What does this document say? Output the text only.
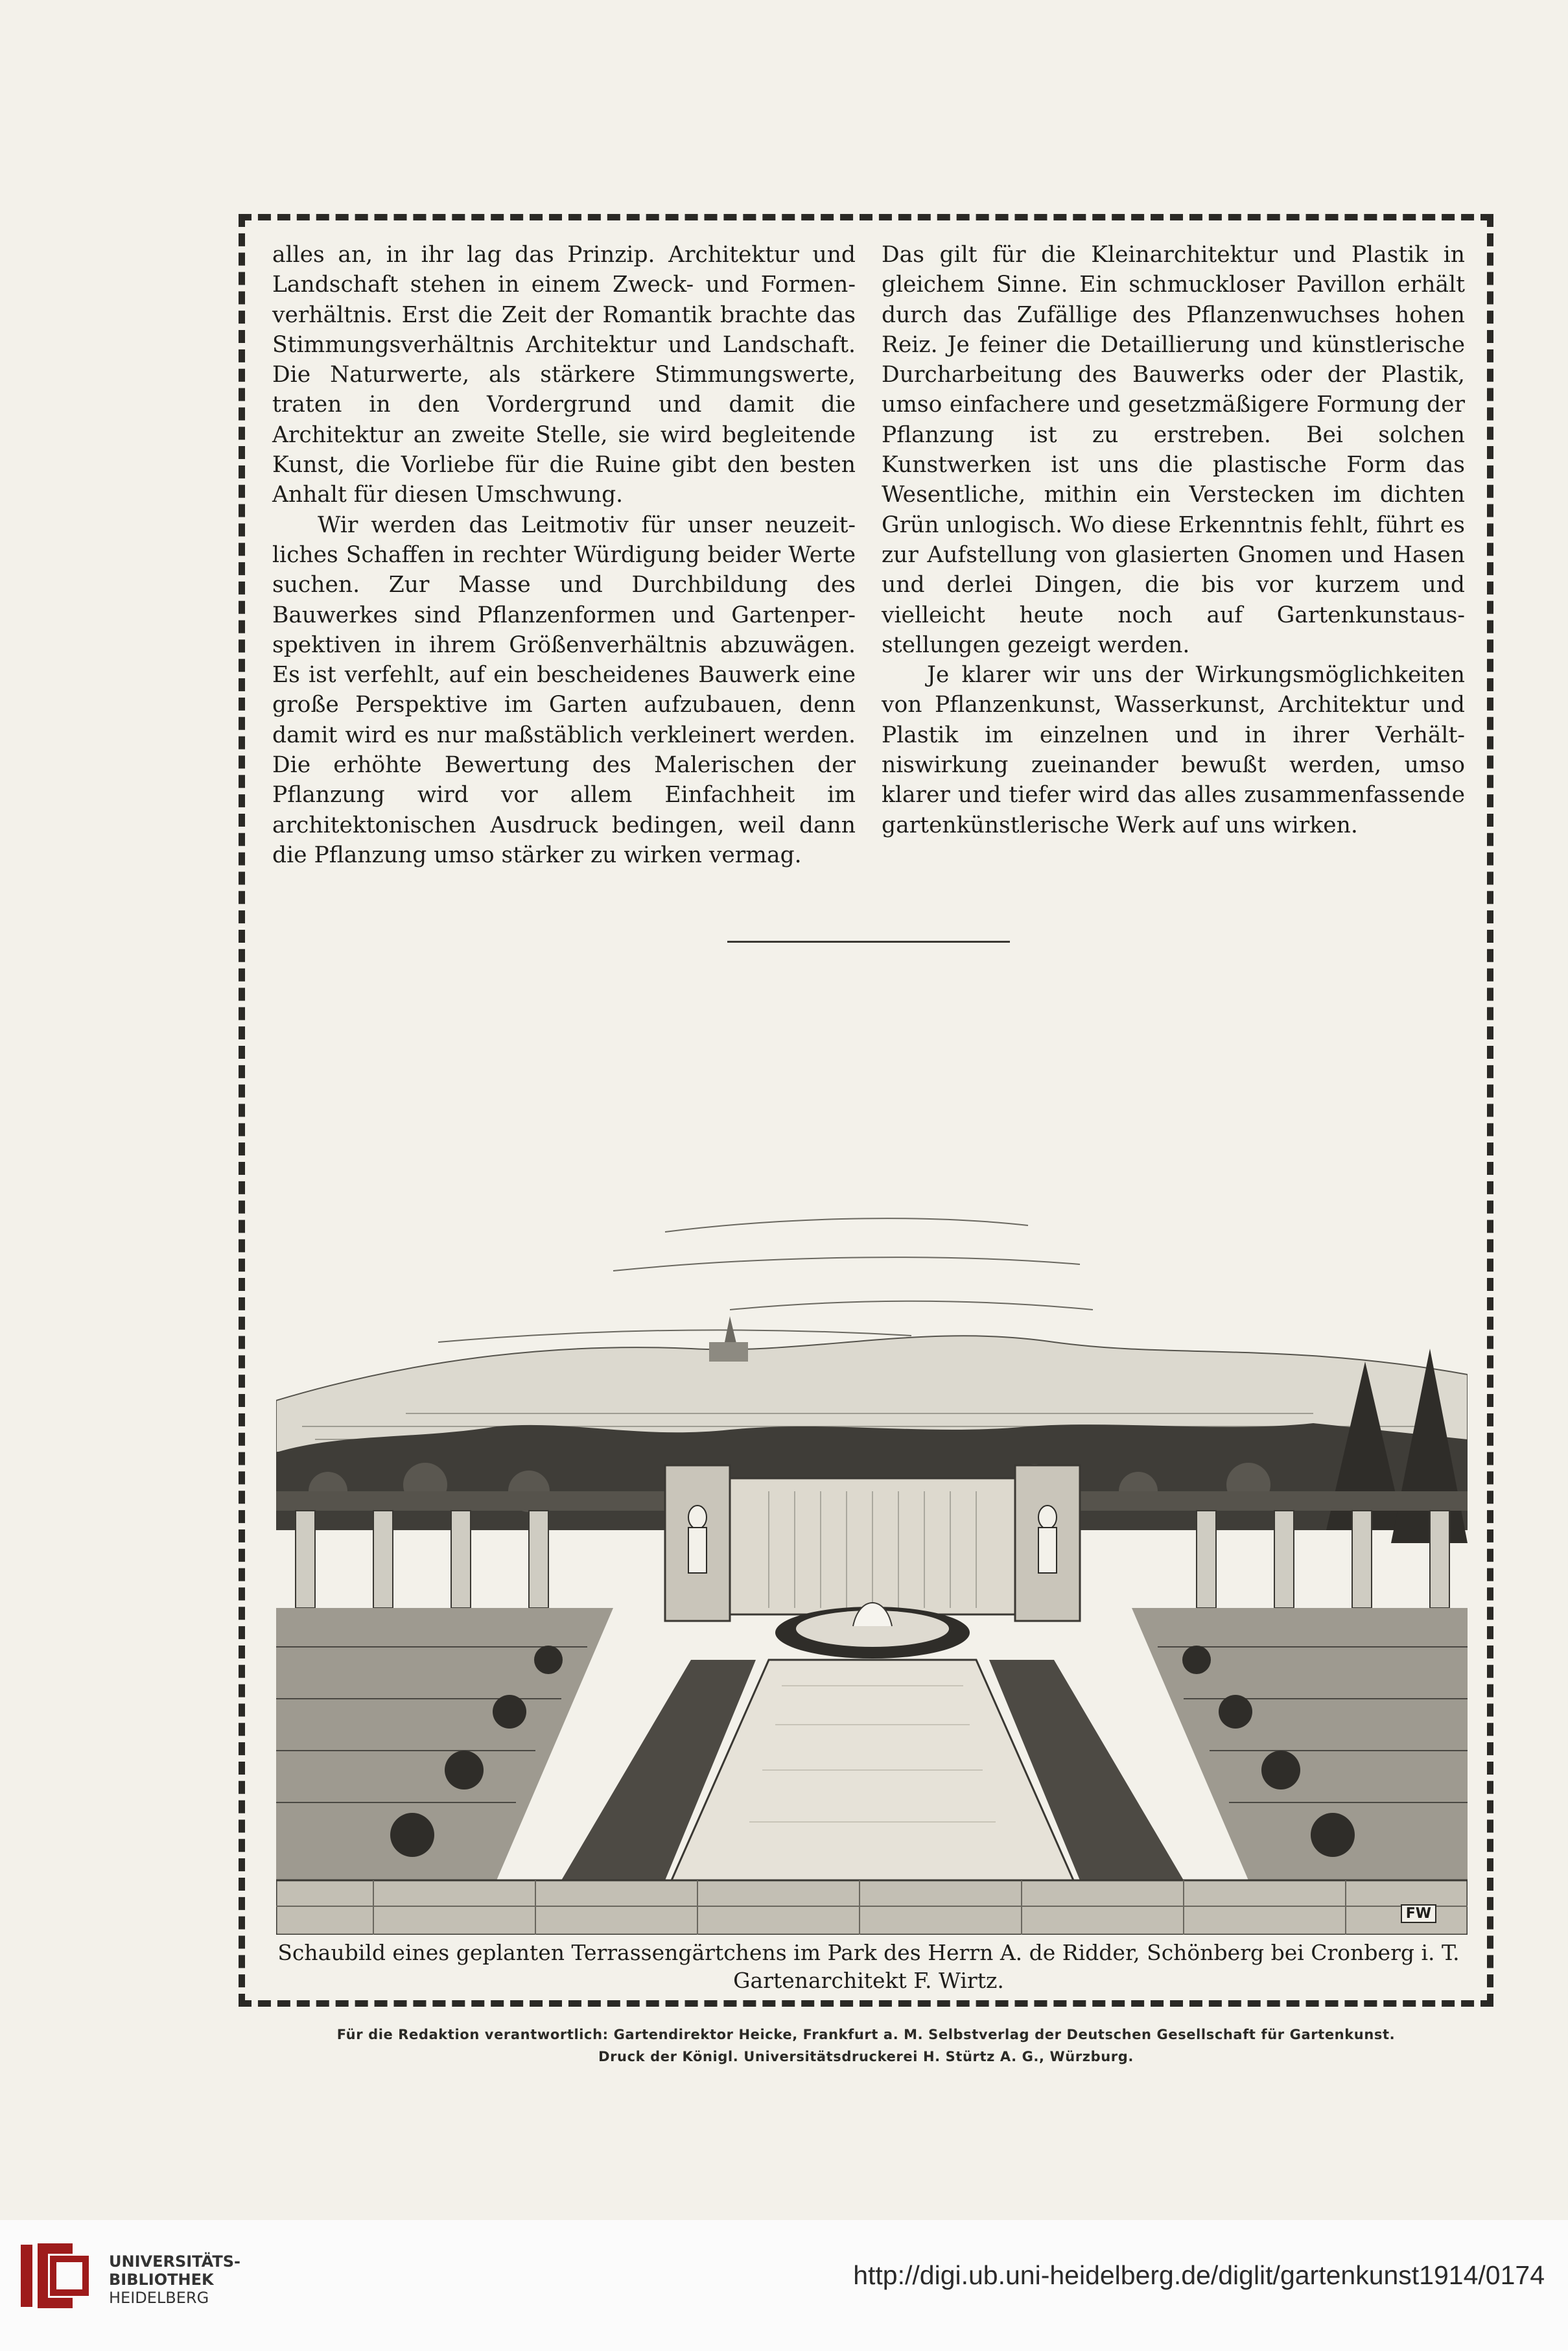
alles an, in ihr lag das Prinzip. Architektur und Landschaft stehen in einem Zweck- und Formenverhältnis. Erst die Zeit der Romantik brachte das Stimmungsverhältnis Architektur und Landschaft. Die Naturwerte, als stärkere Stimmungswerte, traten in den Vordergrund und damit die Architektur an zweite Stelle, sie wird begleitende Kunst, die Vorliebe für die Ruine gibt den besten Anhalt für diesen Umschwung.

Wir werden das Leitmotiv für unser neuzeitliches Schaffen in rechter Würdigung beider Werte suchen. Zur Masse und Durchbildung des Bauwerkes sind Pflanzenformen und Gartenperspektiven in ihrem Größenverhältnis abzuwägen. Es ist verfehlt, auf ein bescheidenes Bauwerk eine große Perspektive im Garten aufzubauen, denn damit wird es nur maßstäblich verkleinert werden. Die erhöhte Bewertung des Malerischen der Pflanzung wird vor allem Einfachheit im architektonischen Ausdruck bedingen, weil dann die Pflanzung umso stärker zu wirken vermag.

Das gilt für die Kleinarchitektur und Plastik in gleichem Sinne. Ein schmuckloser Pavillon erhält durch das Zufällige des Pflanzenwuchses hohen Reiz. Je feiner die Detaillierung und künstlerische Durcharbeitung des Bauwerks oder der Plastik, umso einfachere und gesetzmäßigere Formung der Pflanzung ist zu erstreben. Bei solchen Kunstwerken ist uns die plastische Form das Wesentliche, mithin ein Verstecken im dichten Grün unlogisch. Wo diese Erkenntnis fehlt, führt es zur Aufstellung von glasierten Gnomen und Hasen und derlei Dingen, die bis vor kurzem und vielleicht heute noch auf Gartenkunstausstellungen gezeigt werden.

Je klarer wir uns der Wirkungsmöglichkeiten von Pflanzenkunst, Wasserkunst, Architektur und Plastik im einzelnen und in ihrer Verhältniswirkung zueinander bewußt werden, umso klarer und tiefer wird das alles zusammenfassende gartenkünstlerische Werk auf uns wirken.

FW
Schaubild eines geplanten Terrassengärtchens im Park des Herrn A. de Ridder, Schönberg bei Cronberg i. T.
Gartenarchitekt F. Wirtz.
Für die Redaktion verantwortlich: Gartendirektor Heicke, Frankfurt a. M. Selbstverlag der Deutschen Gesellschaft für Gartenkunst.
Druck der Königl. Universitätsdruckerei H. Stürtz A. G., Würzburg.
UNIVERSITÄTS-
BIBLIOTHEK
HEIDELBERG
http://digi.ub.uni-heidelberg.de/diglit/gartenkunst1914/0174
